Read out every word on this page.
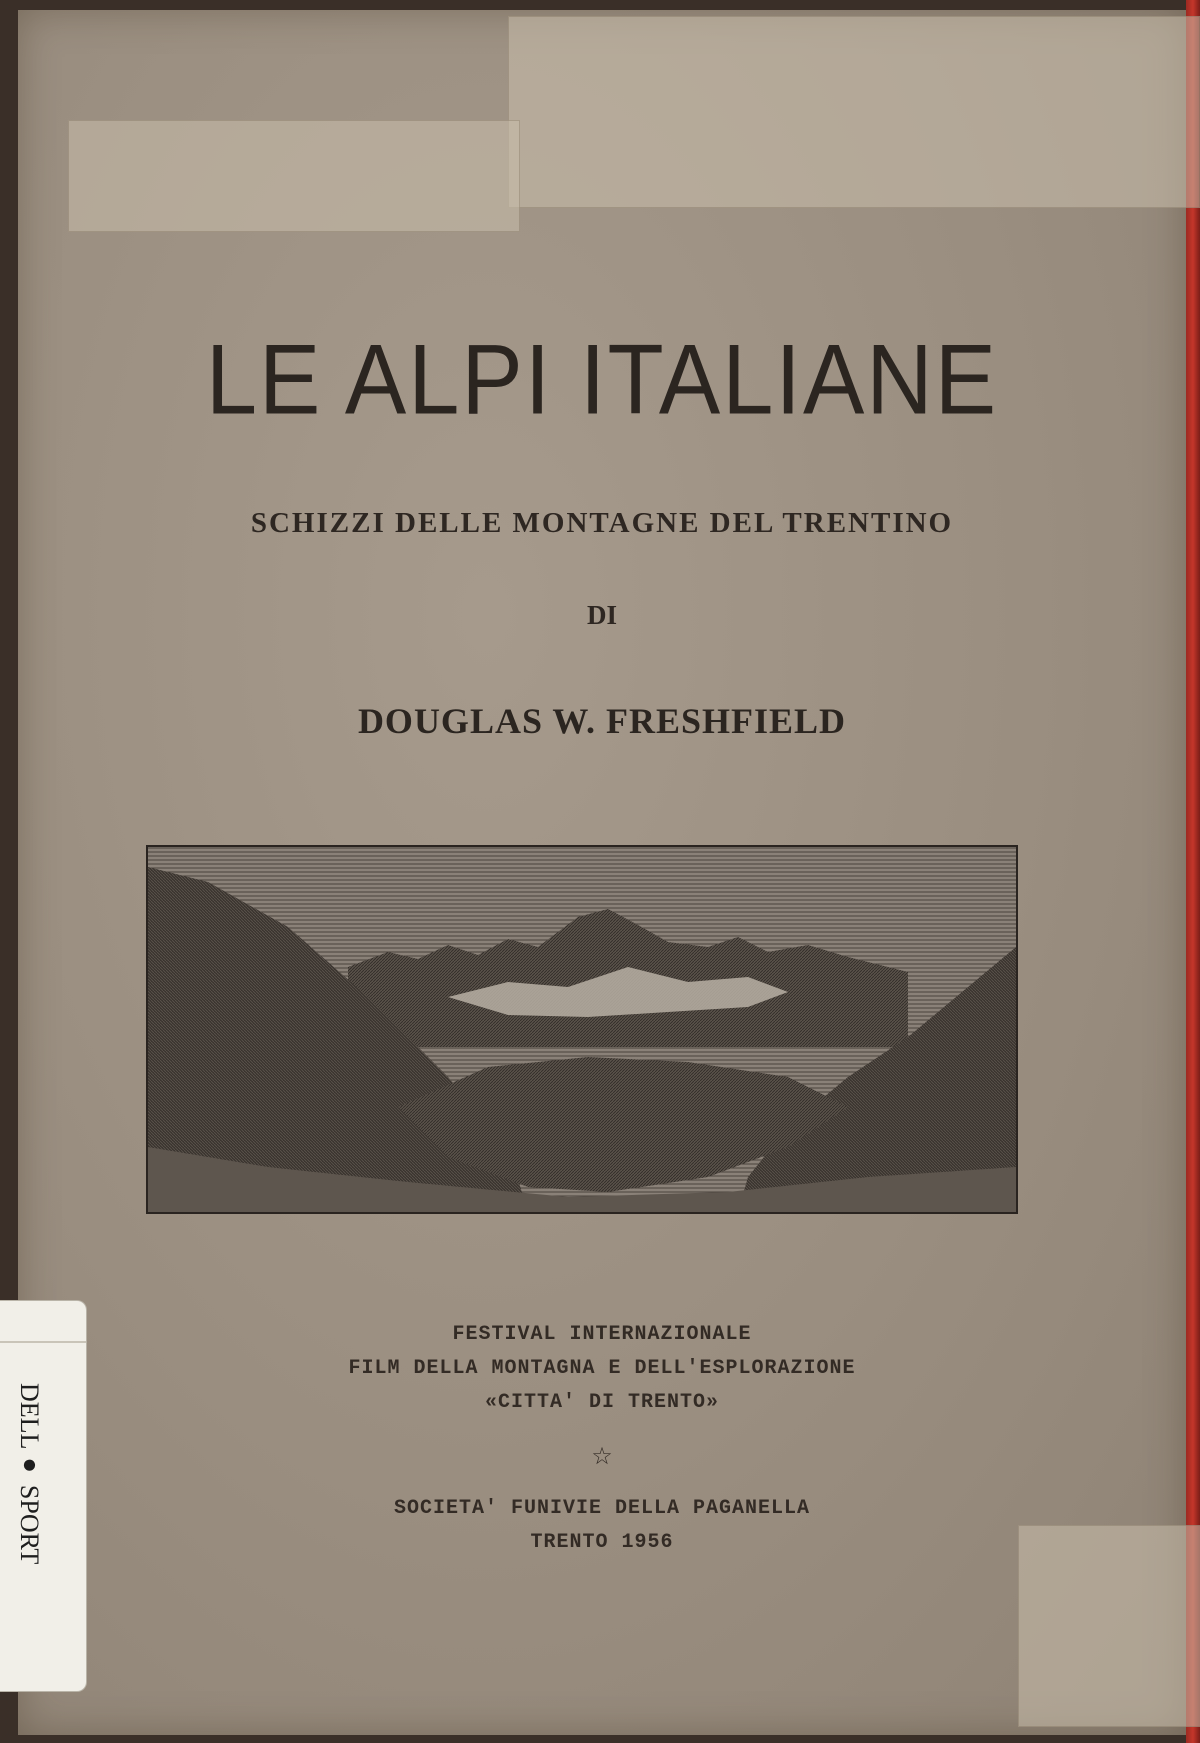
LE ALPI ITALIANE
SCHIZZI DELLE MONTAGNE DEL TRENTINO
DI
DOUGLAS W. FRESHFIELD
FESTIVAL INTERNAZIONALE
FILM DELLA MONTAGNA E DELL'ESPLORAZIONE
«CITTA' DI TRENTO»
☆
SOCIETA' FUNIVIE DELLA PAGANELLA
TRENTO 1956
DELL● SPORT
